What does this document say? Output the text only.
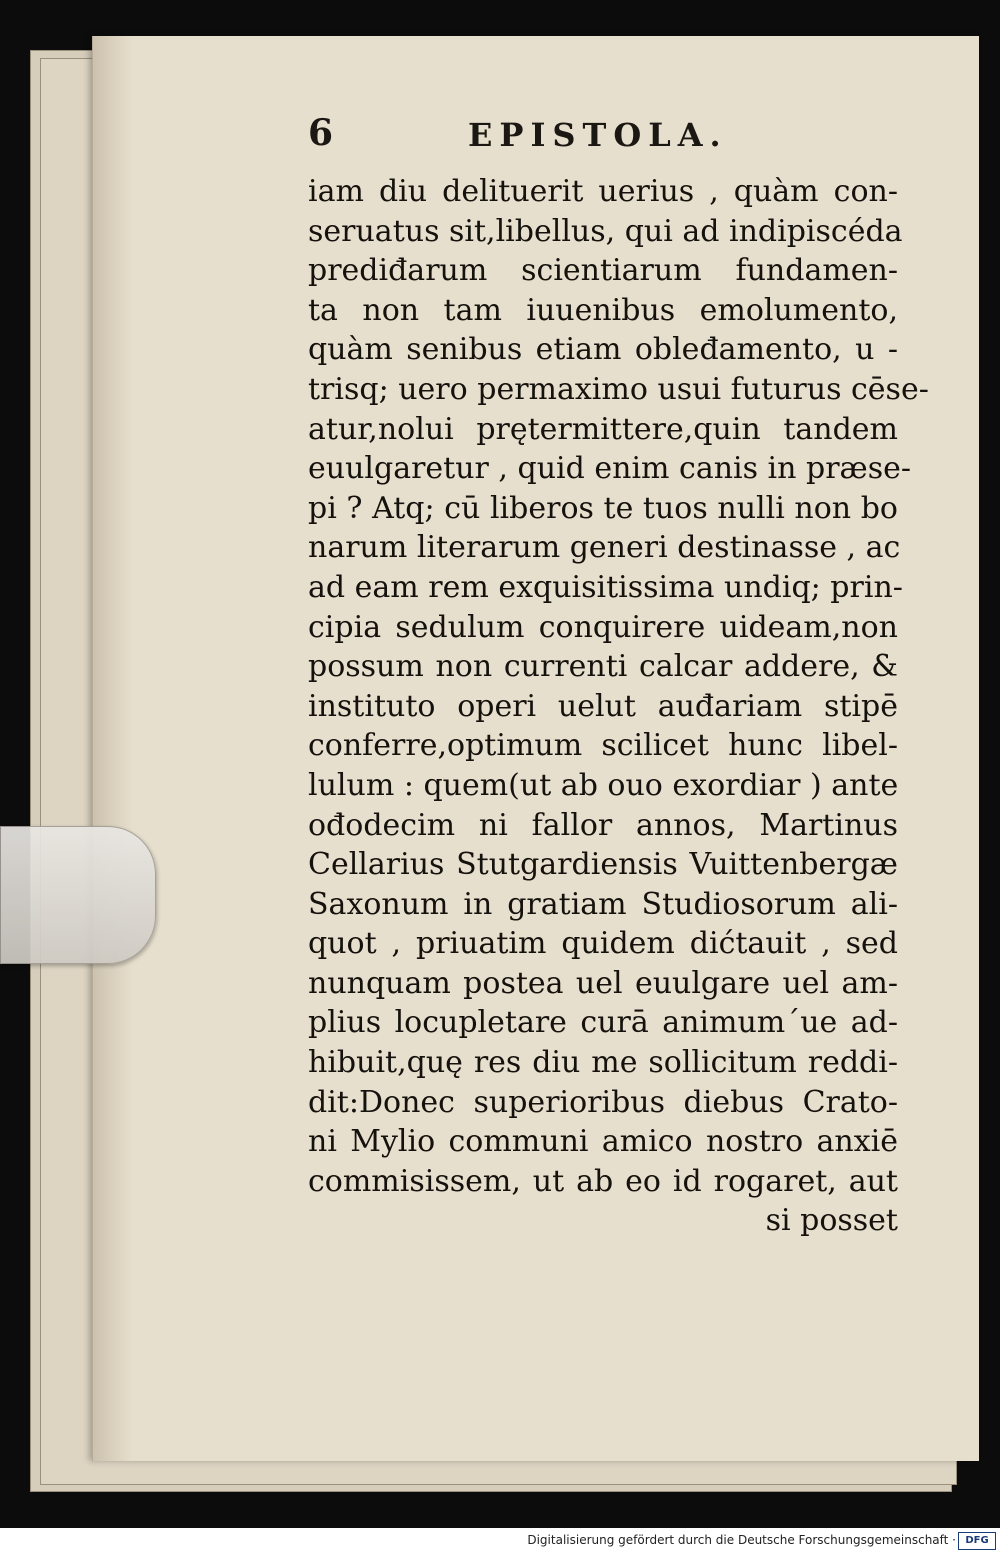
6	EPISTOLA.
iam diu delituerit uerius , quàm con-
seruatus sit,libellus, qui ad indipiscéda
prediđarum scientiarum fundamen-
ta non tam iuuenibus emolumento,
quàm senibus etiam obleđamento, u -
trisq; uero permaximo usui futurus cēse-
atur,nolui prętermittere,quin tandem
euulgaretur , quid enim canis in præse-
pi ? Atq; cū liberos te tuos nulli non bo
narum literarum generi destinasse , ac
ad eam rem exquisitissima undiq; prin-
cipia sedulum conquirere uideam,non
possum non currenti calcar addere, &
instituto operi uelut auđariam stipē
conferre,optimum scilicet hunc libel-
lulum : quem(ut ab ouo exordiar ) ante
ođodecim ni fallor annos, Martinus
Cellarius Stutgardiensis Vuittenbergæ
Saxonum in gratiam Studiosorum ali-
quot , priuatim quidem dićtauit , sed
nunquam postea uel euulgare uel am-
plius locupletare curā animum´ue ad-
hibuit,quę res diu me sollicitum reddi-
dit:Donec superioribus diebus Crato-
ni Mylio communi amico nostro anxiē
commisissem, ut ab eo id rogaret, aut
si posset
Digitalisierung gefördert durch die Deutsche Forschungsgemeinschaft · DFG
